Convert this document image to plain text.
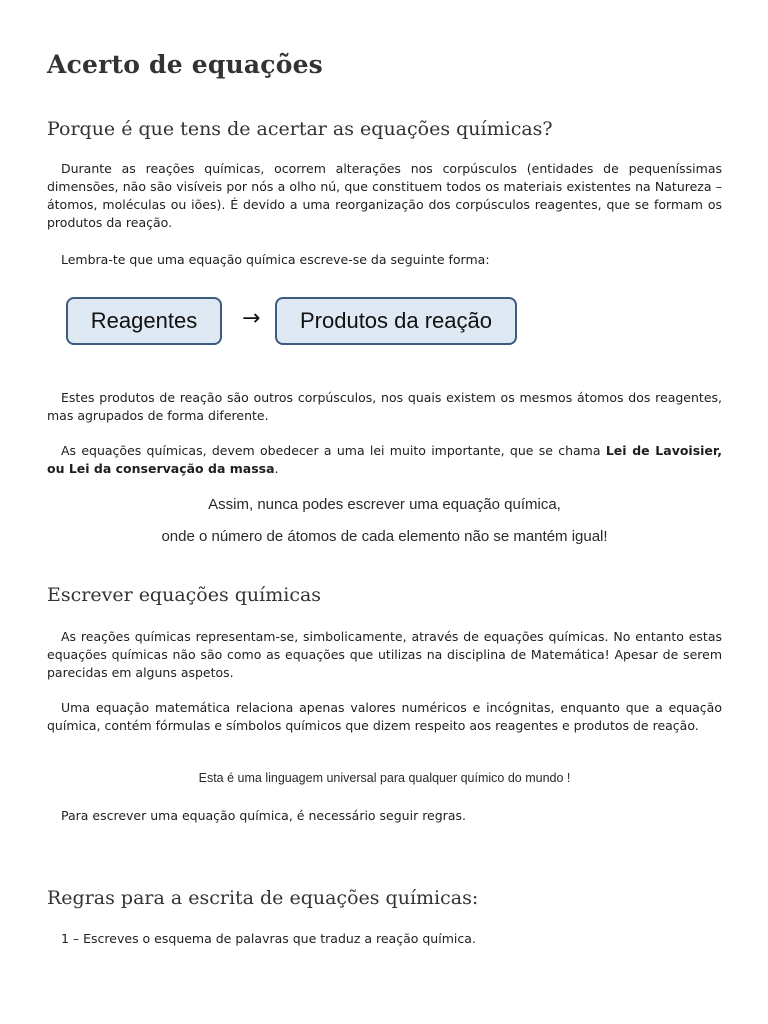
Acerto de equações
Porque é que tens de acertar as equações químicas?

Durante as reações químicas, ocorrem alterações nos corpúsculos (entidades de pequeníssimas dimensões, não são visíveis por nós a olho nú, que constituem todos os materiais existentes na Natureza – átomos, moléculas ou iões). É devido a uma reorganização dos corpúsculos reagentes, que se formam os produtos da reação.

Lembra-te que uma equação química escreve-se da seguinte forma:

Reagentes	→	Produtos da reação

Estes produtos de reação são outros corpúsculos, nos quais existem os mesmos átomos dos reagentes, mas agrupados de forma diferente.

As equações químicas, devem obedecer a uma lei muito importante, que se chama Lei de Lavoisier, ou Lei da conservação da massa.

Assim, nunca podes escrever uma equação química,

onde o número de átomos de cada elemento não se mantém igual!

Escrever equações químicas

As reações químicas representam-se, simbolicamente, através de equações químicas. No entanto estas equações químicas não são como as equações que utilizas na disciplina de Matemática! Apesar de serem parecidas em alguns aspetos.

Uma equação matemática relaciona apenas valores numéricos e incógnitas, enquanto que a equação química, contém fórmulas e símbolos químicos que dizem respeito aos reagentes e produtos de reação.

Esta é uma linguagem universal para qualquer químico do mundo !

Para escrever uma equação química, é necessário seguir regras.

Regras para a escrita de equações químicas:

1 – Escreves o esquema de palavras que traduz a reação química.
